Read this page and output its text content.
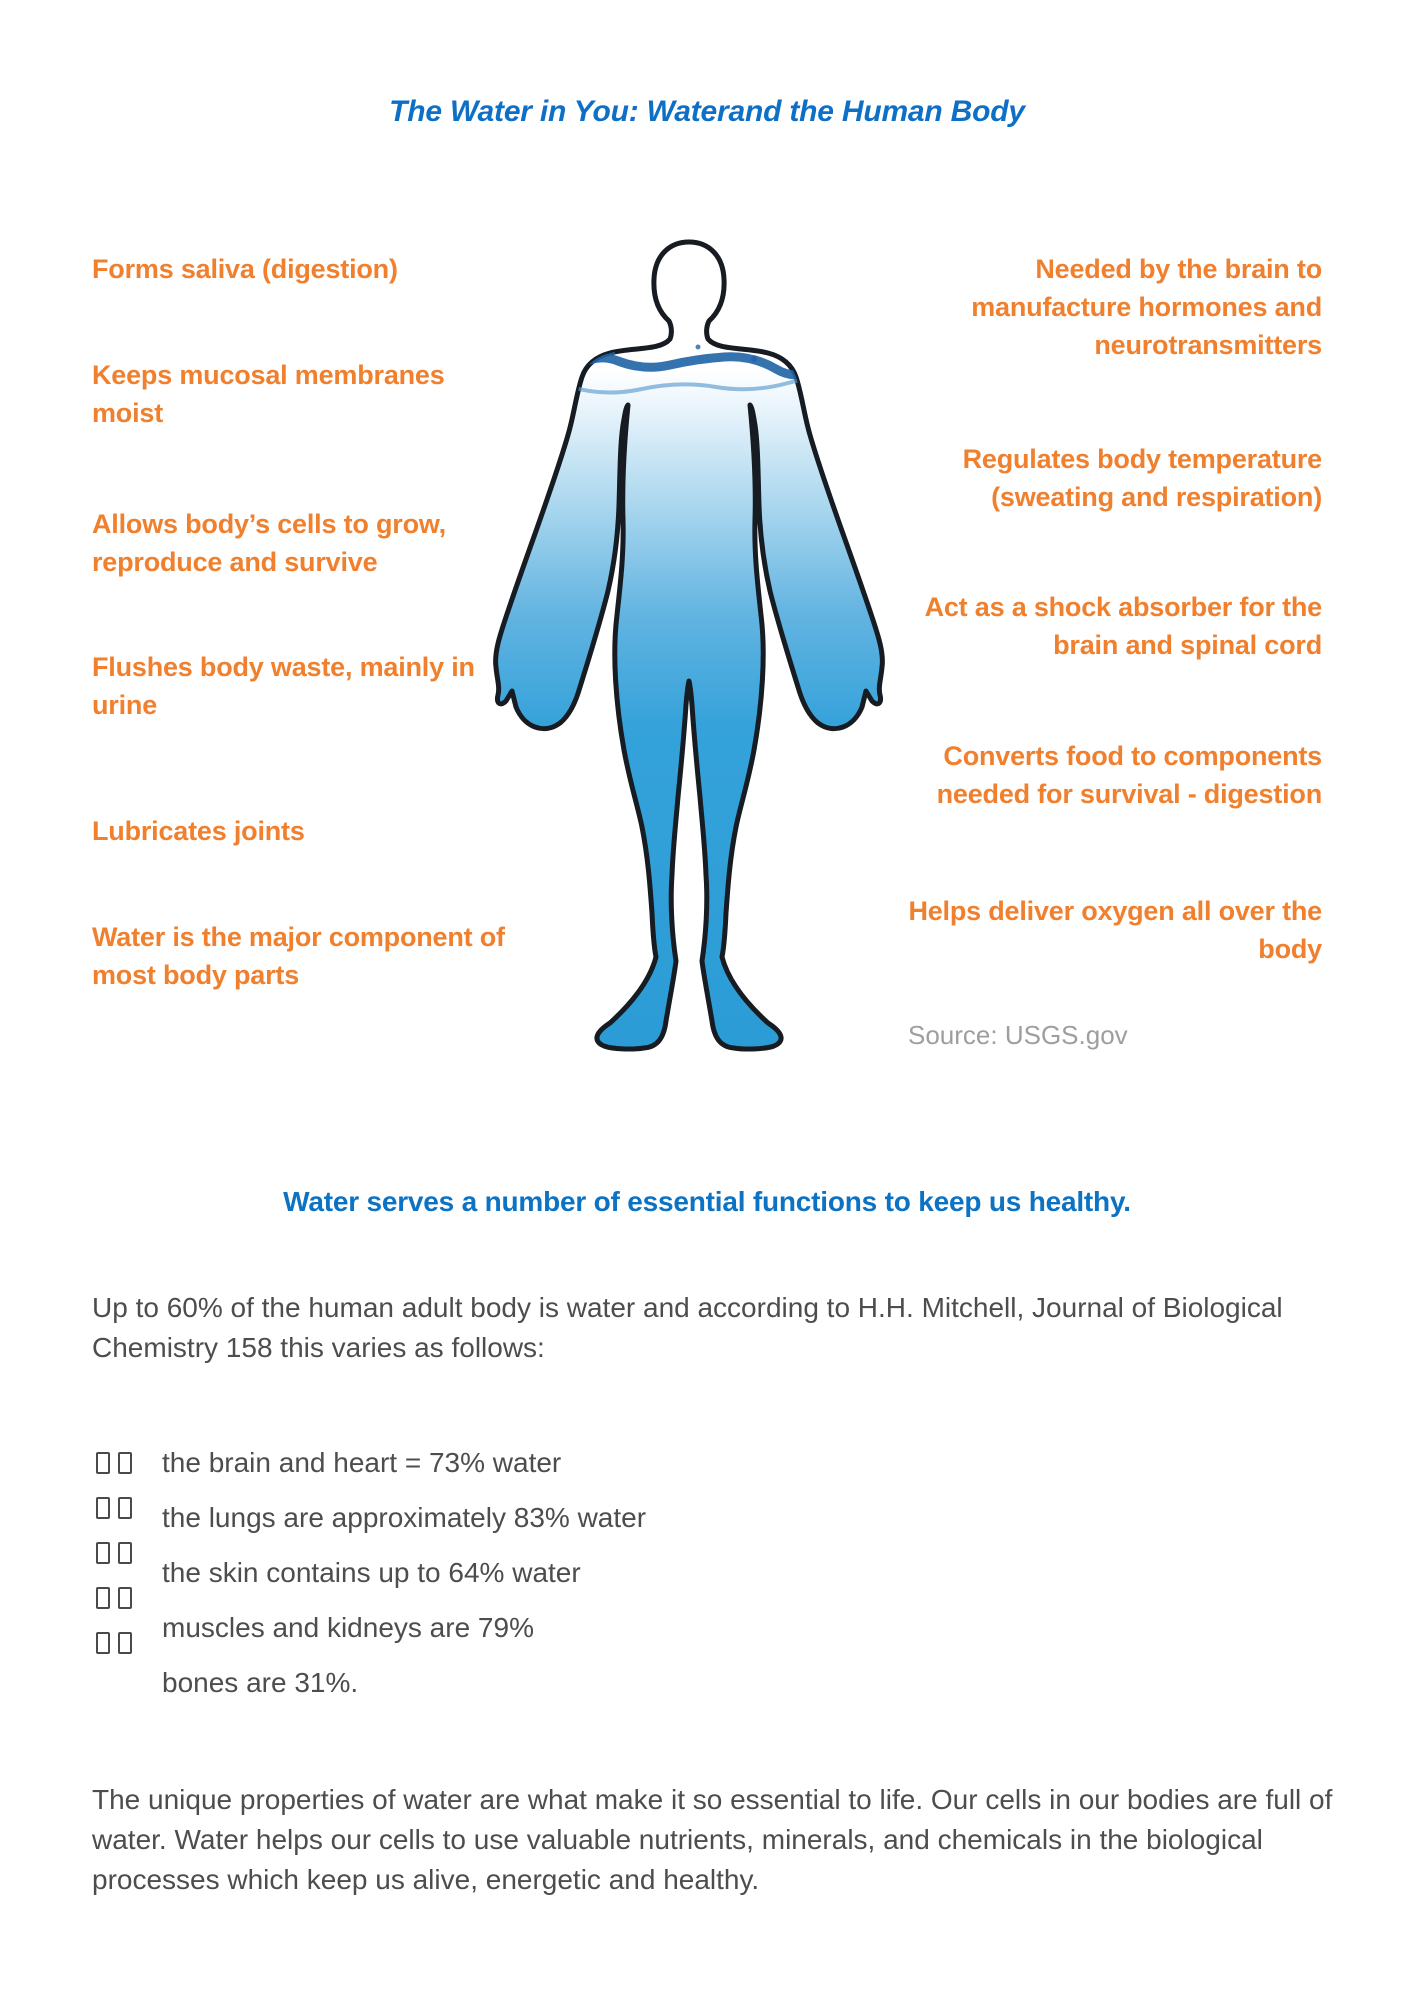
The Water in You: Waterand the Human Body
Forms saliva (digestion)
Keeps mucosal membranes moist
Allows body’s cells to grow, reproduce and survive
Flushes body waste, mainly in urine
Lubricates joints
Water is the major component of most body parts
Needed by the brain to manufacture hormones and neurotransmitters
Regulates body temperature (sweating and respiration)
Act as a shock absorber for the brain and spinal cord
Converts food to components needed for survival - digestion
Helps deliver oxygen all over the body
Source: USGS.gov
Water serves a number of essential functions to keep us healthy.

Up to 60% of the human adult body is water and according to H.H. Mitchell, Journal of Biological Chemistry 158 this varies as follows:

the brain and heart = 73% water
the lungs are approximately 83% water
the skin contains up to 64% water
muscles and kidneys are 79%
bones are 31%.

The unique properties of water are what make it so essential to life. Our cells in our bodies are full of water. Water helps our cells to use valuable nutrients, minerals, and chemicals in the biological processes which keep us alive, energetic and healthy.
